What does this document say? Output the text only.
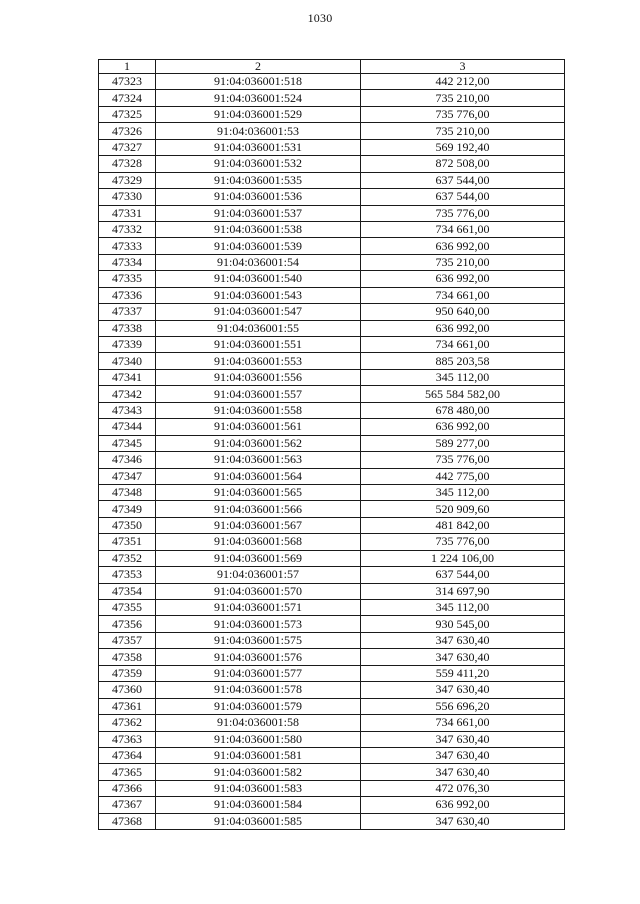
1030
1	2	3
47323	91:04:036001:518	442 212,00
47324	91:04:036001:524	735 210,00
47325	91:04:036001:529	735 776,00
47326	91:04:036001:53	735 210,00
47327	91:04:036001:531	569 192,40
47328	91:04:036001:532	872 508,00
47329	91:04:036001:535	637 544,00
47330	91:04:036001:536	637 544,00
47331	91:04:036001:537	735 776,00
47332	91:04:036001:538	734 661,00
47333	91:04:036001:539	636 992,00
47334	91:04:036001:54	735 210,00
47335	91:04:036001:540	636 992,00
47336	91:04:036001:543	734 661,00
47337	91:04:036001:547	950 640,00
47338	91:04:036001:55	636 992,00
47339	91:04:036001:551	734 661,00
47340	91:04:036001:553	885 203,58
47341	91:04:036001:556	345 112,00
47342	91:04:036001:557	565 584 582,00
47343	91:04:036001:558	678 480,00
47344	91:04:036001:561	636 992,00
47345	91:04:036001:562	589 277,00
47346	91:04:036001:563	735 776,00
47347	91:04:036001:564	442 775,00
47348	91:04:036001:565	345 112,00
47349	91:04:036001:566	520 909,60
47350	91:04:036001:567	481 842,00
47351	91:04:036001:568	735 776,00
47352	91:04:036001:569	1 224 106,00
47353	91:04:036001:57	637 544,00
47354	91:04:036001:570	314 697,90
47355	91:04:036001:571	345 112,00
47356	91:04:036001:573	930 545,00
47357	91:04:036001:575	347 630,40
47358	91:04:036001:576	347 630,40
47359	91:04:036001:577	559 411,20
47360	91:04:036001:578	347 630,40
47361	91:04:036001:579	556 696,20
47362	91:04:036001:58	734 661,00
47363	91:04:036001:580	347 630,40
47364	91:04:036001:581	347 630,40
47365	91:04:036001:582	347 630,40
47366	91:04:036001:583	472 076,30
47367	91:04:036001:584	636 992,00
47368	91:04:036001:585	347 630,40
